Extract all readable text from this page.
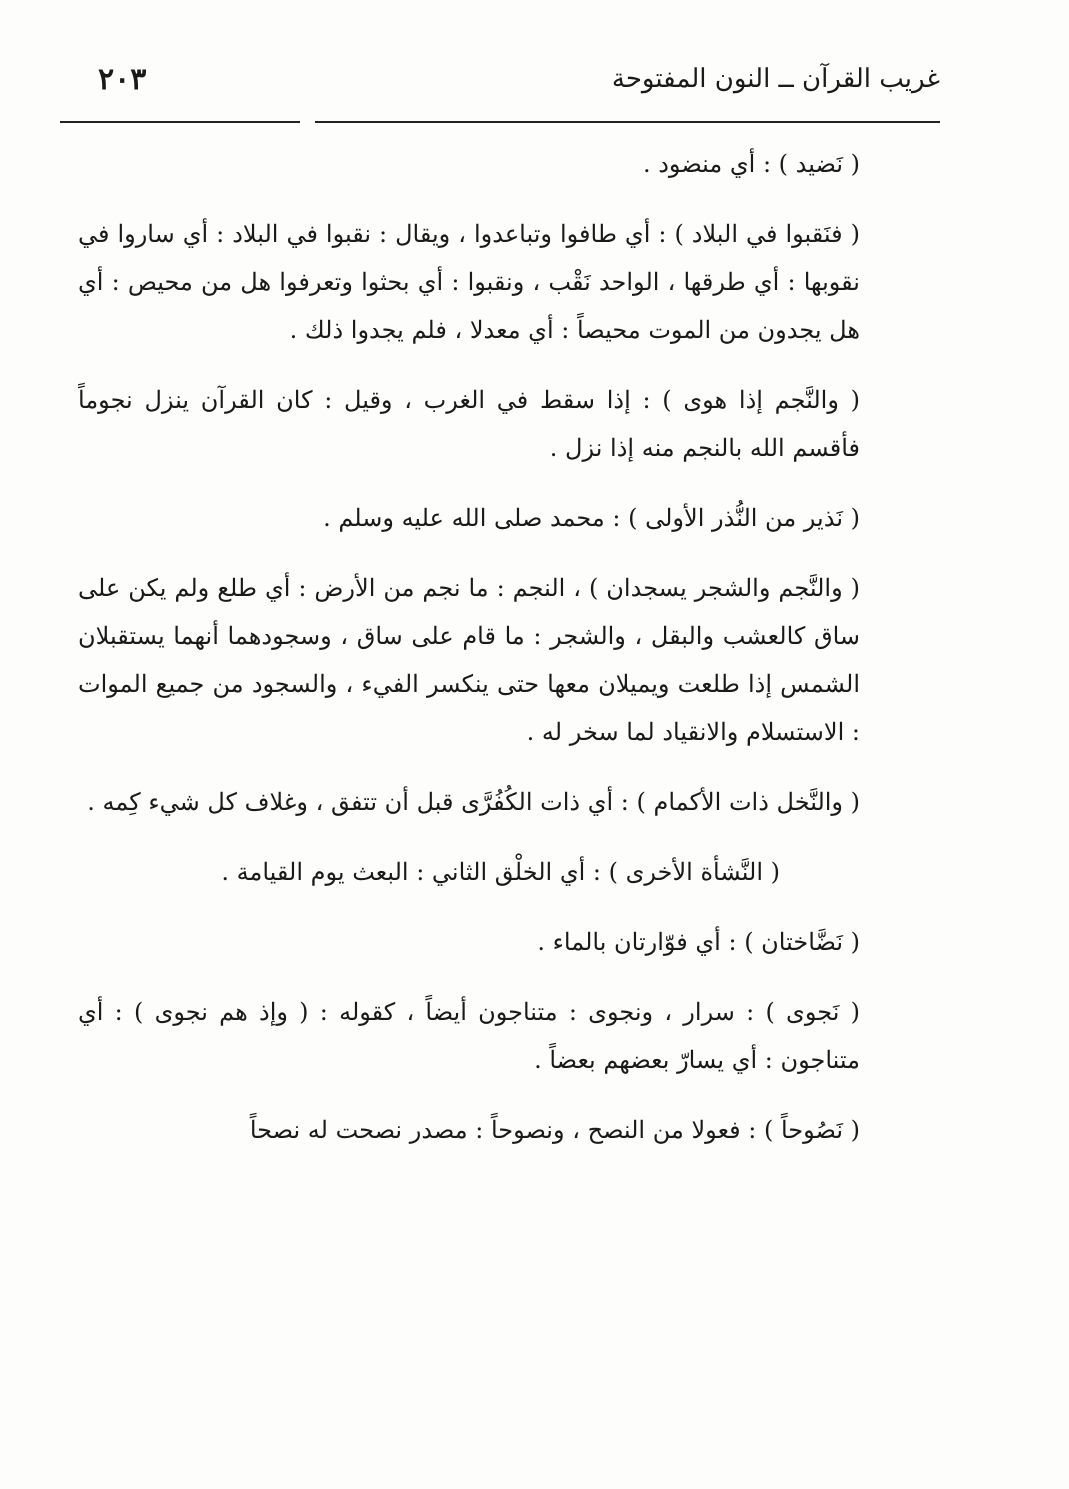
٢٠٣	غريب القرآن ــ النون المفتوحة

( نَضيد ) : أي منضود .

( فنَقبوا في البلاد ) : أي طافوا وتباعدوا ، ويقال : نقبوا في البلاد : أي ساروا في نقوبها : أي طرقها ، الواحد نَقْب ، ونقبوا : أي بحثوا وتعرفوا هل من محيص : أي هل يجدون من الموت محيصاً : أي معدلا ، فلم يجدوا ذلك .

( والنَّجم إذا هوى ) : إذا سقط في الغرب ، وقيل : كان القرآن ينزل نجوماً فأقسم الله بالنجم منه إذا نزل .

( نَذير من النُّذر الأولى ) : محمد صلى الله عليه وسلم .

( والنَّجم والشجر يسجدان ) ، النجم : ما نجم من الأرض : أي طلع ولم يكن على ساق كالعشب والبقل ، والشجر : ما قام على ساق ، وسجودهما أنهما يستقبلان الشمس إذا طلعت ويميلان معها حتى ينكسر الفيء ، والسجود من جميع الموات : الاستسلام والانقياد لما سخر له .

( والنَّخل ذات الأكمام ) : أي ذات الكُفُرَّى قبل أن تتفق ، وغلاف كل شيء كِمه .

( النَّشأة الأخرى ) : أي الخلْق الثاني : البعث يوم القيامة .

( نَضَّاختان ) : أي فوّارتان بالماء .

( نَجوى ) : سرار ، ونجوى : متناجون أيضاً ، كقوله : ( وإذ هم نجوى ) : أي متناجون : أي يسارّ بعضهم بعضاً .

( نَصُوحاً ) : فعولا من النصح ، ونصوحاً : مصدر نصحت له نصحاً
